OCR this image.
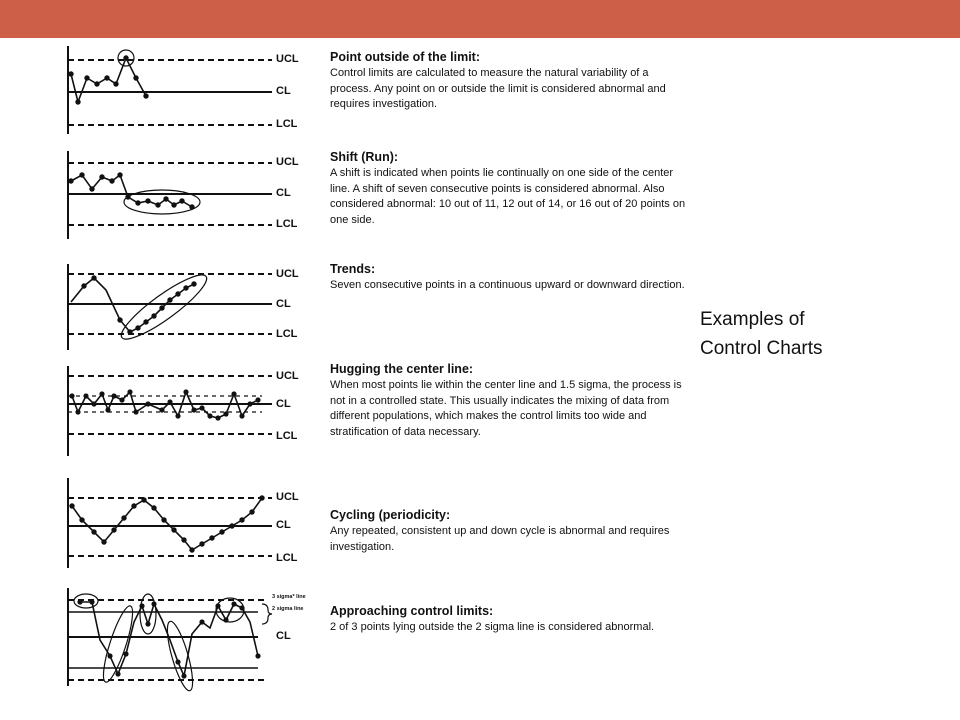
UCL
CL
LCL
UCL
CL
LCL
UCL
CL
LCL
UCL
CL
LCL
UCL
CL
LCL
3 sigma* line
2 sigma line
CL

Point outside of the limit:

Control limits are calculated to measure the natural variability of a process. Any point on or outside the limit is considered abnormal and requires investigation.

Shift (Run):

A shift is indicated when points lie continually on one side of the center line. A shift of seven consecutive points is considered abnormal. Also considered abnormal: 10 out of 11, 12 out of 14, or 16 out of 20 points on one side.

Trends:

Seven consecutive points in a continuous upward or downward direction.

Hugging the center line:

When most points lie within the center line and 1.5 sigma, the process is not in a controlled state. This usually indicates the mixing of data from different populations, which makes the control limits too wide and stratification of data necessary.

Cycling (periodicity:

Any repeated, consistent up and down cycle is abnormal and requires investigation.

Approaching control limits:

2 of 3 points lying outside the 2 sigma line is considered abnormal.

Examples of
Control Charts
